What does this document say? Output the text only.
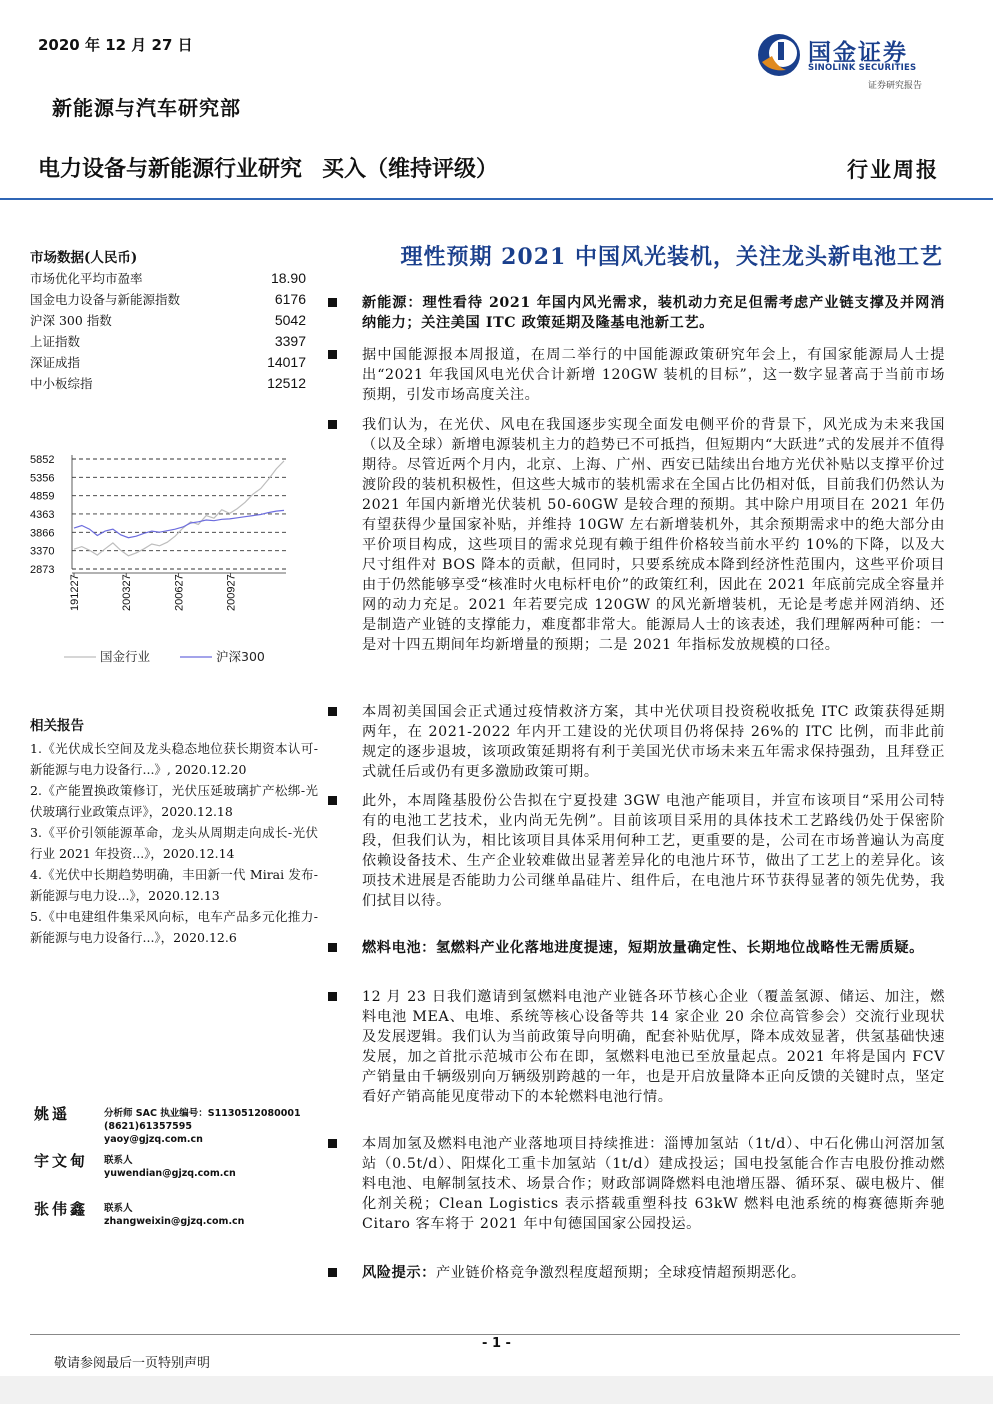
2020 年 12 月 27 日
新能源与汽车研究部
国金证券
SINOLINK SECURITIES
证券研究报告
电力设备与新能源行业研究 买入（维持评级）	行业周报
市场数据(人民币)
市场优化平均市盈率	18.90
国金电力设备与新能源指数	6176
沪深 300 指数	5042
上证指数	3397
深证成指	14017
中小板综指	12512
5852
5356
4859
4363
3866
3370
2873
191227	200327	200627	200927
国金行业	沪深300
相关报告
1.《光伏成长空间及龙头稳态地位获长期资本认可-新能源与电力设备行...》, 2020.12.20
2.《产能置换政策修订，光伏压延玻璃扩产松绑-光伏玻璃行业政策点评》，2020.12.18
3.《平价引领能源革命，龙头从周期走向成长-光伏行业 2021 年投资...》，2020.12.14
4.《光伏中长期趋势明确，丰田新一代 Mirai 发布-新能源与电力设...》，2020.12.13
5.《中电建组件集采风向标，电车产品多元化推力-新能源与电力设备行...》，2020.12.6
姚遥	分析师 SAC 执业编号：S1130512080001
(8621)61357595
yaoy@gjzq.com.cn
宇文甸 联系人
yuwendian@gjzq.com.cn
张伟鑫 联系人
zhangweixin@gjzq.com.cn
理性预期 2021 中国风光装机，关注龙头新电池工艺
新能源：理性看待 2021 年国内风光需求，装机动力充足但需考虑产业链支撑及并网消纳能力；关注美国 ITC 政策延期及隆基电池新工艺。
据中国能源报本周报道，在周二举行的中国能源政策研究年会上，有国家能源局人士提出“2021 年我国风电光伏合计新增 120GW 装机的目标”，这一数字显著高于当前市场预期，引发市场高度关注。
我们认为，在光伏、风电在我国逐步实现全面发电侧平价的背景下，风光成为未来我国（以及全球）新增电源装机主力的趋势已不可抵挡，但短期内“大跃进”式的发展并不值得期待。尽管近两个月内，北京、上海、广州、西安已陆续出台地方光伏补贴以支撑平价过渡阶段的装机积极性，但这些大城市的装机需求在全国占比仍相对低，目前我们仍然认为 2021 年国内新增光伏装机 50-60GW 是较合理的预期。其中除户用项目在 2021 年仍有望获得少量国家补贴，并维持 10GW 左右新增装机外，其余预期需求中的绝大部分由平价项目构成，这些项目的需求兑现有赖于组件价格较当前水平约 10%的下降，以及大尺寸组件对 BOS 降本的贡献，但同时，只要系统成本降到经济性范围内，这些平价项目由于仍然能够享受“核准时火电标杆电价”的政策红利，因此在 2021 年底前完成全容量并网的动力充足。2021 年若要完成 120GW 的风光新增装机，无论是考虑并网消纳、还是制造产业链的支撑能力，难度都非常大。能源局人士的该表述，我们理解两种可能：一是对十四五期间年均新增量的预期；二是 2021 年指标发放规模的口径。
本周初美国国会正式通过疫情救济方案，其中光伏项目投资税收抵免 ITC 政策获得延期两年，在 2021-2022 年内开工建设的光伏项目仍将保持 26%的 ITC 比例，而非此前规定的逐步退坡，该项政策延期将有利于美国光伏市场未来五年需求保持强劲，且拜登正式就任后或仍有更多激励政策可期。
此外，本周隆基股份公告拟在宁夏投建 3GW 电池产能项目，并宣布该项目“采用公司特有的电池工艺技术，业内尚无先例”。目前该项目采用的具体技术工艺路线仍处于保密阶段，但我们认为，相比该项目具体采用何种工艺，更重要的是，公司在市场普遍认为高度依赖设备技术、生产企业较难做出显著差异化的电池片环节，做出了工艺上的差异化。该项技术进展是否能助力公司继单晶硅片、组件后，在电池片环节获得显著的领先优势，我们拭目以待。
燃料电池：氢燃料产业化落地进度提速，短期放量确定性、长期地位战略性无需质疑。
12 月 23 日我们邀请到氢燃料电池产业链各环节核心企业（覆盖氢源、储运、加注，燃料电池 MEA、电堆、系统等核心设备等共 14 家企业 20 余位高管参会）交流行业现状及发展逻辑。我们认为当前政策导向明确，配套补贴优厚，降本成效显著，供氢基础快速发展，加之首批示范城市公布在即，氢燃料电池已至放量起点。2021 年将是国内 FCV 产销量由千辆级别向万辆级别跨越的一年，也是开启放量降本正向反馈的关键时点，坚定看好产销高能见度带动下的本轮燃料电池行情。
本周加氢及燃料电池产业落地项目持续推进：淄博加氢站（1t/d）、中石化佛山河滘加氢站（0.5t/d）、阳煤化工重卡加氢站（1t/d）建成投运；国电投氢能合作吉电股份推动燃料电池、电解制氢技术、场景合作；财政部调降燃料电池增压器、循环泵、碳电极片、催化剂关税；Clean Logistics 表示搭载重塑科技 63kW 燃料电池系统的梅赛德斯奔驰 Citaro 客车将于 2021 年中旬德国国家公园投运。
风险提示：产业链价格竞争激烈程度超预期；全球疫情超预期恶化。
- 1 -
敬请参阅最后一页特别声明
